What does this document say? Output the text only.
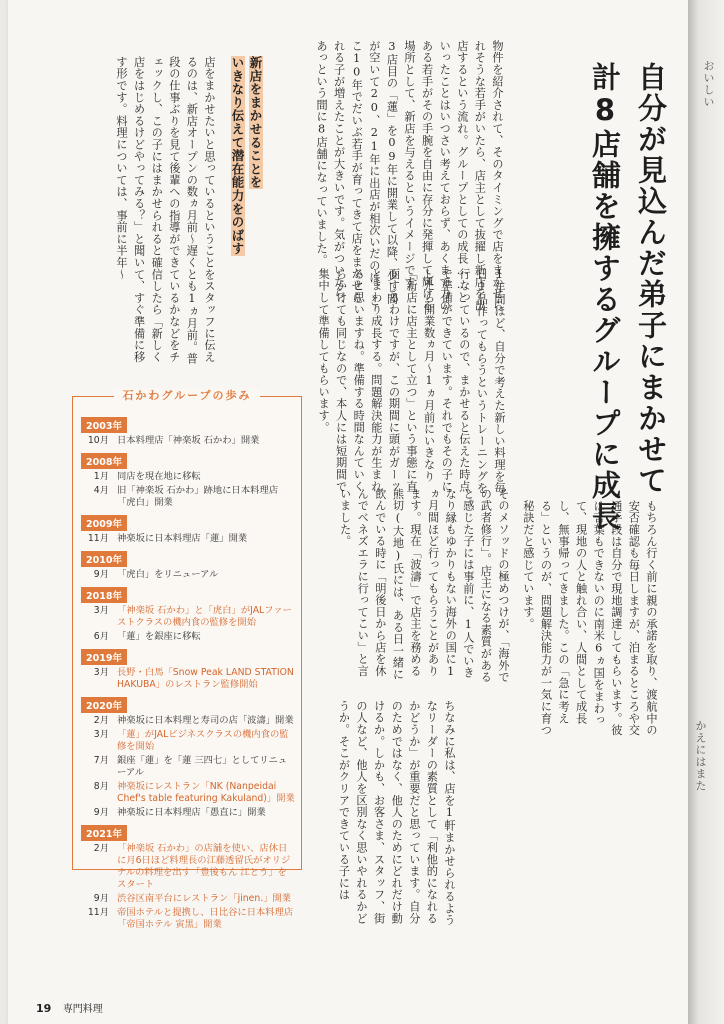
自分が見込んだ弟子にまかせて
計8店舗を擁するグループに成長
物件を紹介されて、そのタイミングで店をまかせられそうな若手がいたら、店主として抜擢し新店を出店するという流れ。グループとしての成長……といったことはいつさい考えておらず、あくまで力のある若手がその手腕を自由に存分に発揮して輝ける場所として、新店を与えるというイメージです。3店目の「蓮」を09年に開業して以降、少し間が空いて20、21年に出店が相次いだのは、ここ10年でだいぶ若手が育ってきて店をまかせられる子が増えたことが大きいです。気がついたら、あっという間に8店舗になっていました。
1年間ほど、自分で考えた新しい料理を毎日1品作ってもらうというトレーニングを行なっているので、まかせると伝えた時点で準備ができています。それでもその子にしたら開業数ヵ月〜1ヵ月前にいきなり「新店に店主として立つ」という事態に直面するわけですが、この期間に頭がガーッとまわり成長する。問題解決能力が生まれると思いますね。準備する時間なんていくらかけても同じなので、本人には短期間で集中して準備してもらいます。
そのメソッドの極めつけが、「海外での武者修行」。店主になる素質があると感じた子には事前に、1人でいきなり縁もゆかりもない海外の国に1ヵ月間ほど行ってもらうことがあります。現在「波濤」で店主を務める熊切(大地)氏には、ある日一緒に飲んでいる時に「明後日から店を休んでベネズエラに行ってこい」と言いました。
新店をまかせることを
いきなり伝えて潜在能力をのばす
店をまかせたいと思っているということをスタッフに伝えるのは、新店オープンの数ヵ月前〜遅くとも1ヵ月前。普段の仕事ぶりを見て後輩への指導ができているかなどをチェックし、この子にはまかせられると確信したら「新しく店をはじめるけどやってみる？」と聞いて、すぐ準備に移す形です。料理については、事前に半年〜
もちろん行く前に親の承諾を取り、渡航中の安否確認も毎日しますが、泊まるところや交通手段は自分で現地調達してもらいます。彼は言葉もできないのに南米6ヵ国をまわって、現地の人と触れ合い、人間として成長し、無事帰ってきました。この「急に考える」というのが、問題解決能力が一気に育つ秘訣だと感じています。
ちなみに私は、店を1軒まかせられるようなリーダーの素質として「利他的になれるかどうか」が重要だと思っています。自分のためではなく、他人のためにどれだけ動けるか。しかも、お客さま、スタッフ、街の人など、他人を区別なく思いやれるかどうか。そこがクリアできている子には
石かわグループの歩み
2003年
10月 日本料理店「神楽坂 石かわ」開業
2008年
1月 同店を現在地に移転
4月 旧「神楽坂 石かわ」跡地に日本料理店「虎白」開業
2009年
11月 神楽坂に日本料理店「蓮」開業
2010年
9月 「虎白」をリニューアル
2018年
3月 「神楽坂 石かわ」と「虎白」がJALファーストクラスの機内食の監修を開始
6月 「蓮」を銀座に移転
2019年
3月 長野・白馬「Snow Peak LAND STATION HAKUBA」のレストラン監修開始
2020年
2月 神楽坂に日本料理と寿司の店「波濤」開業
3月 「蓮」がJALビジネスクラスの機内食の監修を開始
7月 銀座「蓮」を「蓮 三四七」としてリニューアル
8月 神楽坂にレストラン「NK (Nanpeidai Chef's table featuring Kakuland)」開業
9月 神楽坂に日本料理店「愚直に」開業
2021年
2月 「神楽坂 石かわ」の店舗を使い、店休日に月6日ほど料理長の江藤透留氏がオリジナルの料理を出す「豊後もん 江とう」をスタート
9月 渋谷区南平台にレストラン「jinen.」開業
11月 帝国ホテルと提携し、日比谷に日本料理店「帝国ホテル 寅黒」開業
19 専門料理
おいしい
かえにはまた
